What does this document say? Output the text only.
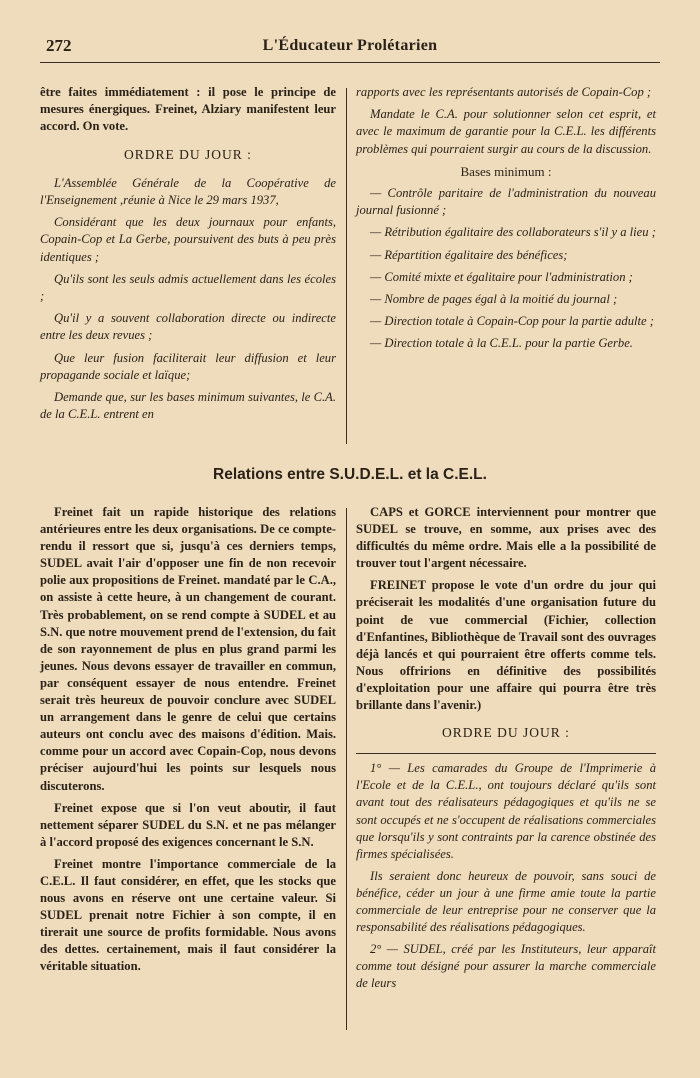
272	L'Éducateur Prolétarien

être faites immédiatement : il pose le principe de mesures énergiques. Freinet, Alziary manifestent leur accord. On vote.

ORDRE DU JOUR :

L'Assemblée Générale de la Coopérative de l'Enseignement ,réunie à Nice le 29 mars 1937,

Considérant que les deux journaux pour enfants, Copain-Cop et La Gerbe, poursuivent des buts à peu près identiques ;

Qu'ils sont les seuls admis actuellement dans les écoles ;

Qu'il y a souvent collaboration directe ou indirecte entre les deux revues ;

Que leur fusion faciliterait leur diffusion et leur propagande sociale et laïque;

Demande que, sur les bases minimum suivantes, le C.A. de la C.E.L. entrent en

rapports avec les représentants autorisés de Copain-Cop ;

Mandate le C.A. pour solutionner selon cet esprit, et avec le maximum de garantie pour la C.E.L. les différents problèmes qui pourraient surgir au cours de la discussion.

Bases minimum :

— Contrôle paritaire de l'administration du nouveau journal fusionné ;

— Rétribution égalitaire des collaborateurs s'il y a lieu ;

— Répartition égalitaire des bénéfices;

— Comité mixte et égalitaire pour l'administration ;

— Nombre de pages égal à la moitié du journal ;

— Direction totale à Copain-Cop pour la partie adulte ;

— Direction totale à la C.E.L. pour la partie Gerbe.

Relations entre S.U.D.E.L. et la C.E.L.

Freinet fait un rapide historique des relations antérieures entre les deux organisations. De ce compte-rendu il ressort que si, jusqu'à ces derniers temps, SUDEL avait l'air d'opposer une fin de non recevoir polie aux propositions de Freinet. mandaté par le C.A., on assiste à cette heure, à un changement de courant. Très probablement, on se rend compte à SUDEL et au S.N. que notre mouvement prend de l'extension, du fait de son rayonnement de plus en plus grand parmi les jeunes. Nous devons essayer de travailler en commun, par conséquent essayer de nous entendre. Freinet serait très heureux de pouvoir conclure avec SUDEL un arrangement dans le genre de celui que certains auteurs ont conclu avec des maisons d'édition. Mais. comme pour un accord avec Copain-Cop, nous devons préciser aujourd'hui les points sur lesquels nous discuterons.

Freinet expose que si l'on veut aboutir, il faut nettement séparer SUDEL du S.N. et ne pas mélanger à l'accord proposé des exigences concernant le S.N.

Freinet montre l'importance commerciale de la C.E.L. Il faut considérer, en effet, que les stocks que nous avons en réserve ont une certaine valeur. Si SUDEL prenait notre Fichier à son compte, il en tirerait une source de profits formidable. Nous avons des dettes. certainement, mais il faut considérer la véritable situation.

CAPS et GORCE interviennent pour montrer que SUDEL se trouve, en somme, aux prises avec des difficultés du même ordre. Mais elle a la possibilité de trouver tout l'argent nécessaire.

FREINET propose le vote d'un ordre du jour qui préciserait les modalités d'une organisation future du point de vue commercial (Fichier, collection d'Enfantines, Bibliothèque de Travail sont des ouvrages déjà lancés et qui pourraient être offerts comme tels. Nous offririons en définitive des possibilités d'exploitation pour une affaire qui pourra être très brillante dans l'avenir.)

ORDRE DU JOUR :

1° — Les camarades du Groupe de l'Imprimerie à l'Ecole et de la C.E.L., ont toujours déclaré qu'ils sont avant tout des réalisateurs pédagogiques et qu'ils ne se sont occupés et ne s'occupent de réalisations commerciales que lorsqu'ils y sont contraints par la carence obstinée des firmes spécialisées.

Ils seraient donc heureux de pouvoir, sans souci de bénéfice, céder un jour à une firme amie toute la partie commerciale de leur entreprise pour ne conserver que la responsabilité des réalisations pédagogiques.

2° — SUDEL, créé par les Instituteurs, leur apparaît comme tout désigné pour assurer la marche commerciale de leurs
